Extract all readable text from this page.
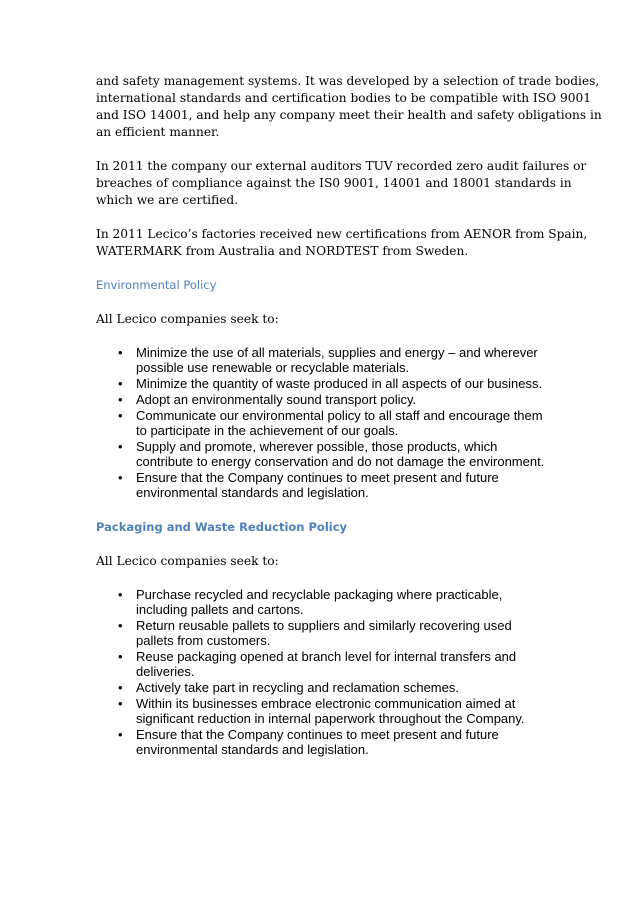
and safety management systems. It was developed by a selection of trade bodies,
international standards and certification bodies to be compatible with ISO 9001
and ISO 14001, and help any company meet their health and safety obligations in
an efficient manner.

In 2011 the company our external auditors TUV recorded zero audit failures or
breaches of compliance against the IS0 9001, 14001 and 18001 standards in
which we are certified.

In 2011 Lecico’s factories received new certifications from AENOR from Spain,
WATERMARK from Australia and NORDTEST from Sweden.

Environmental Policy

All Lecico companies seek to:

• Minimize the use of all materials, supplies and energy – and wherever
possible use renewable or recyclable materials.
• Minimize the quantity of waste produced in all aspects of our business.
• Adopt an environmentally sound transport policy.
• Communicate our environmental policy to all staff and encourage them
to participate in the achievement of our goals.
• Supply and promote, wherever possible, those products, which
contribute to energy conservation and do not damage the environment.
• Ensure that the Company continues to meet present and future
environmental standards and legislation.
Packaging and Waste Reduction Policy

All Lecico companies seek to:

• Purchase recycled and recyclable packaging where practicable,
including pallets and cartons.
• Return reusable pallets to suppliers and similarly recovering used
pallets from customers.
• Reuse packaging opened at branch level for internal transfers and
deliveries.
• Actively take part in recycling and reclamation schemes.
• Within its businesses embrace electronic communication aimed at
significant reduction in internal paperwork throughout the Company.
• Ensure that the Company continues to meet present and future
environmental standards and legislation.
